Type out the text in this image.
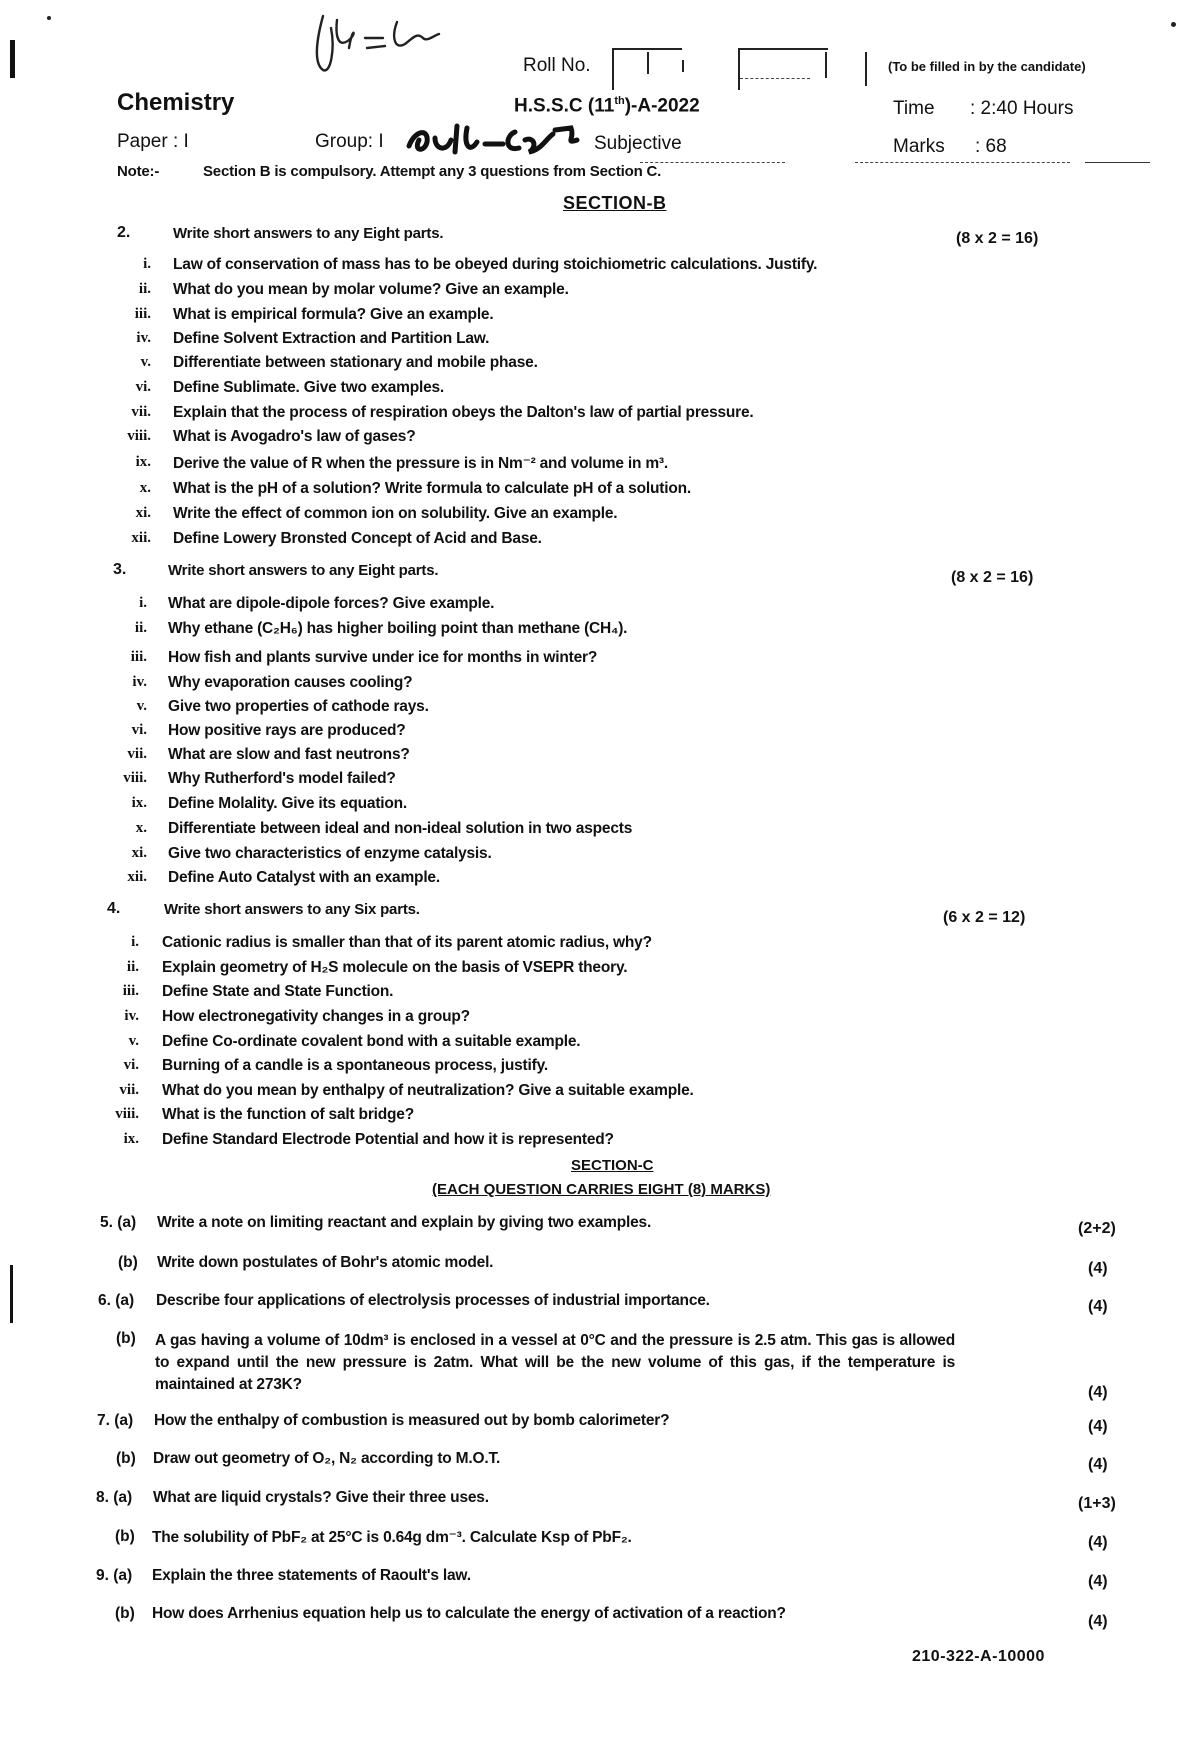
Roll No.	(To be filled in by the candidate)
Chemistry	H.S.S.C (11th)-A-2022	Time : 2:40 Hours
Paper : I	Group: I	Subjective	Marks : 68
Note:-	Section B is compulsory. Attempt any 3 questions from Section C.
SECTION-B
2.	Write short answers to any Eight parts.	(8 x 2 = 16)
i. Law of conservation of mass has to be obeyed during stoichiometric calculations. Justify.
ii. What do you mean by molar volume? Give an example.
iii. What is empirical formula? Give an example.
iv. Define Solvent Extraction and Partition Law.
v. Differentiate between stationary and mobile phase.
vi. Define Sublimate. Give two examples.
vii. Explain that the process of respiration obeys the Dalton's law of partial pressure.
viii. What is Avogadro's law of gases?
ix. Derive the value of R when the pressure is in Nm⁻² and volume in m³.
x. What is the pH of a solution? Write formula to calculate pH of a solution.
xi. Write the effect of common ion on solubility. Give an example.
xii. Define Lowery Bronsted Concept of Acid and Base.
3.	Write short answers to any Eight parts.	(8 x 2 = 16)
i. What are dipole-dipole forces? Give example.
ii. Why ethane (C₂H₆) has higher boiling point than methane (CH₄).
iii. How fish and plants survive under ice for months in winter?
iv. Why evaporation causes cooling?
v. Give two properties of cathode rays.
vi. How positive rays are produced?
vii. What are slow and fast neutrons?
viii. Why Rutherford's model failed?
ix. Define Molality. Give its equation.
x. Differentiate between ideal and non-ideal solution in two aspects
xi. Give two characteristics of enzyme catalysis.
xii. Define Auto Catalyst with an example.
4.	Write short answers to any Six parts.	(6 x 2 = 12)
i. Cationic radius is smaller than that of its parent atomic radius, why?
ii. Explain geometry of H₂S molecule on the basis of VSEPR theory.
iii. Define State and State Function.
iv. How electronegativity changes in a group?
v. Define Co-ordinate covalent bond with a suitable example.
vi. Burning of a candle is a spontaneous process, justify.
vii. What do you mean by enthalpy of neutralization? Give a suitable example.
viii. What is the function of salt bridge?
ix. Define Standard Electrode Potential and how it is represented?
SECTION-C
(EACH QUESTION CARRIES EIGHT (8) MARKS)
5. (a) Write a note on limiting reactant and explain by giving two examples.	(2+2)
(b) Write down postulates of Bohr's atomic model.	(4)
6. (a) Describe four applications of electrolysis processes of industrial importance.	(4)
(b) A gas having a volume of 10dm³ is enclosed in a vessel at 0°C and the pressure is 2.5 atm. This gas is allowed to expand until the new pressure is 2atm. What will be the new volume of this gas, if the temperature is maintained at 273K?	(4)
7. (a) How the enthalpy of combustion is measured out by bomb calorimeter?	(4)
(b) Draw out geometry of O₂, N₂ according to M.O.T.	(4)
8. (a) What are liquid crystals? Give their three uses.	(1+3)
(b) The solubility of PbF₂ at 25°C is 0.64g dm⁻³. Calculate Ksp of PbF₂.	(4)
9. (a) Explain the three statements of Raoult's law.	(4)
(b) How does Arrhenius equation help us to calculate the energy of activation of a reaction?	(4)
210-322-A-10000
